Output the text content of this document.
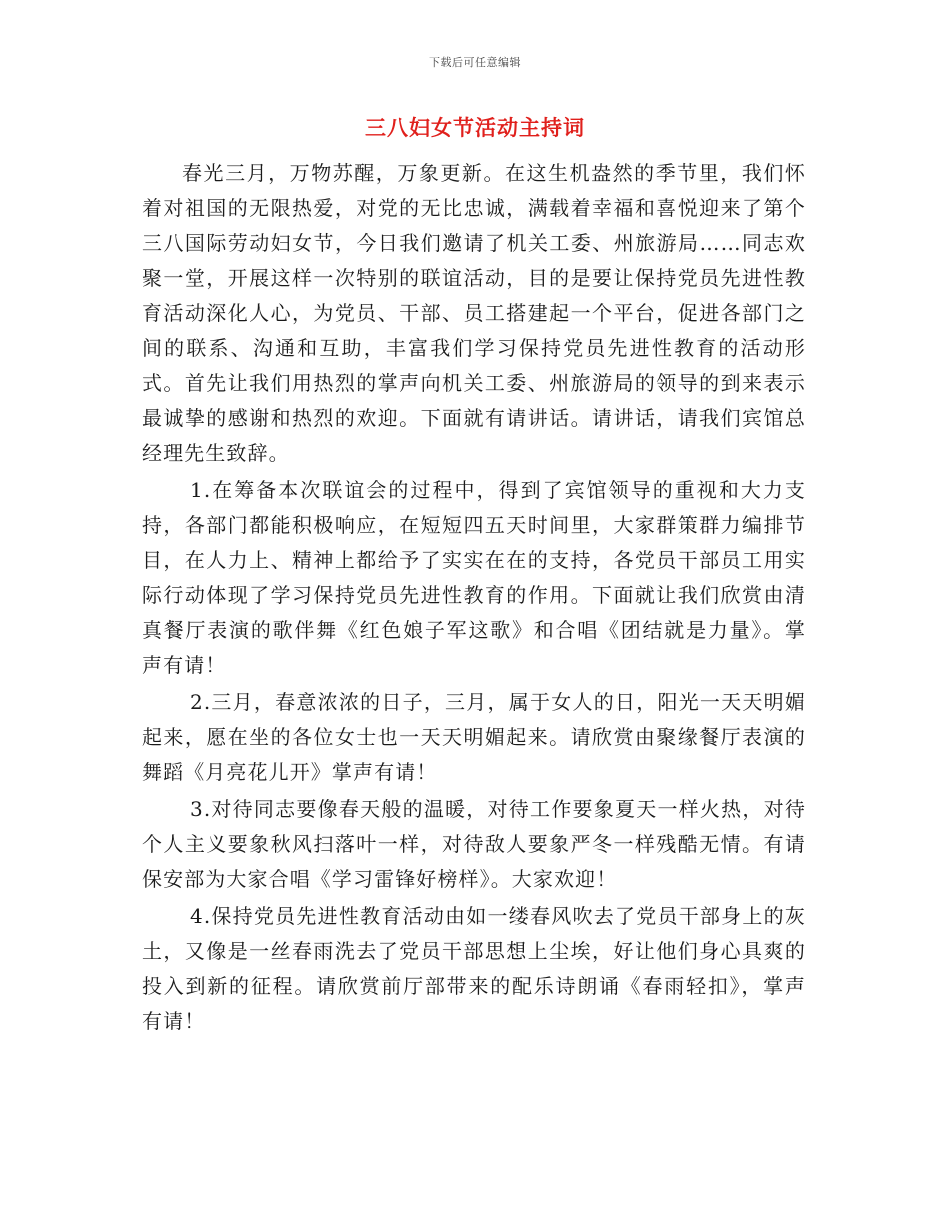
下载后可任意编辑
三八妇女节活动主持词

春光三月，万物苏醒，万象更新。在这生机盎然的季节里，我们怀着对祖国的无限热爱，对党的无比忠诚，满载着幸福和喜悦迎来了第个三八国际劳动妇女节，今日我们邀请了机关工委、州旅游局……同志欢聚一堂，开展这样一次特别的联谊活动，目的是要让保持党员先进性教育活动深化人心，为党员、干部、员工搭建起一个平台，促进各部门之间的联系、沟通和互助，丰富我们学习保持党员先进性教育的活动形式。首先让我们用热烈的掌声向机关工委、州旅游局的领导的到来表示最诚挚的感谢和热烈的欢迎。下面就有请讲话。请讲话，请我们宾馆总经理先生致辞。

1.在筹备本次联谊会的过程中，得到了宾馆领导的重视和大力支持，各部门都能积极响应，在短短四五天时间里，大家群策群力编排节目，在人力上、精神上都给予了实实在在的支持，各党员干部员工用实际行动体现了学习保持党员先进性教育的作用。下面就让我们欣赏由清真餐厅表演的歌伴舞《红色娘子军这歌》和合唱《团结就是力量》。掌声有请！

2.三月，春意浓浓的日子，三月，属于女人的日，阳光一天天明媚起来，愿在坐的各位女士也一天天明媚起来。请欣赏由聚缘餐厅表演的舞蹈《月亮花儿开》掌声有请！

3.对待同志要像春天般的温暖，对待工作要象夏天一样火热，对待个人主义要象秋风扫落叶一样，对待敌人要象严冬一样残酷无情。有请保安部为大家合唱《学习雷锋好榜样》。大家欢迎！

4.保持党员先进性教育活动由如一缕春风吹去了党员干部身上的灰土，又像是一丝春雨洗去了党员干部思想上尘埃，好让他们身心具爽的投入到新的征程。请欣赏前厅部带来的配乐诗朗诵《春雨轻扣》，掌声有请！
